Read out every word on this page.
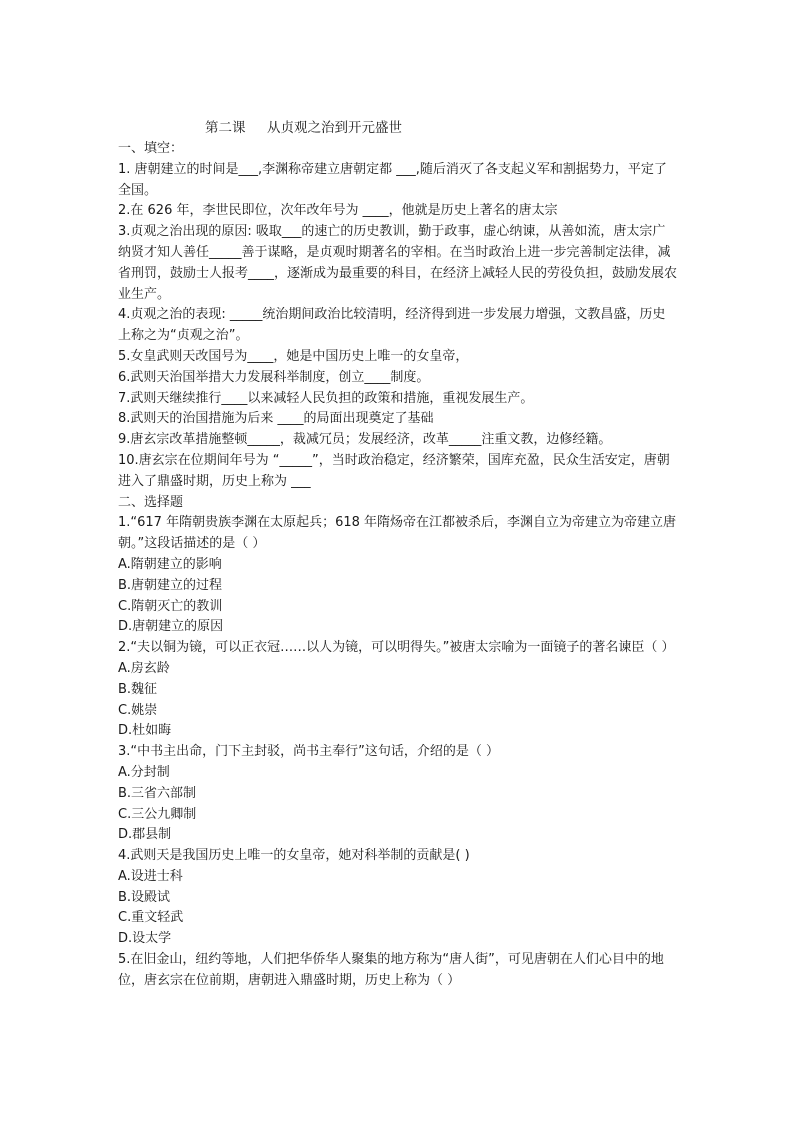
第二课     从贞观之治到开元盛世

一、填空：

1. 唐朝建立的时间是___,李渊称帝建立唐朝定都 ___,随后消灭了各支起义军和割据势力，平定了全国。

2.在 626 年，李世民即位，次年改年号为 ____，他就是历史上著名的唐太宗

3.贞观之治出现的原因: 吸取___的速亡的历史教训，勤于政事，虚心纳谏，从善如流，唐太宗广纳贤才知人善任_____善于谋略，是贞观时期著名的宰相。在当时政治上进一步完善制定法律，减省刑罚，鼓励士人报考____，逐渐成为最重要的科目，在经济上减轻人民的劳役负担，鼓励发展农业生产。

4.贞观之治的表现: _____统治期间政治比较清明，经济得到进一步发展力增强，文教昌盛，历史上称之为“贞观之治”。

5.女皇武则天改国号为____，她是中国历史上唯一的女皇帝，

6.武则天治国举措大力发展科举制度，创立____制度。

7.武则天继续推行____以来减轻人民负担的政策和措施，重视发展生产。

8.武则天的治国措施为后来 ____的局面出现奠定了基础

9.唐玄宗改革措施整顿_____，裁减冗员；发展经济，改革_____注重文教，边修经籍。

10.唐玄宗在位期间年号为 “_____”，当时政治稳定，经济繁荣，国库充盈，民众生活安定，唐朝进入了鼎盛时期，历史上称为 ___

二、选择题

1.“617 年隋朝贵族李渊在太原起兵；618 年隋炀帝在江都被杀后，李渊自立为帝建立为帝建立唐朝。”这段话描述的是（ ）

A.隋朝建立的影响

B.唐朝建立的过程

C.隋朝灭亡的教训

D.唐朝建立的原因

2.“夫以铜为镜，可以正衣冠……以人为镜，可以明得失。”被唐太宗喻为一面镜子的著名谏臣（ ）

A.房玄龄

B.魏征

C.姚崇

D.杜如晦

3.“中书主出命，门下主封驳，尚书主奉行”这句话，介绍的是（ ）

A.分封制

B.三省六部制

C.三公九卿制

D.郡县制

4.武则天是我国历史上唯一的女皇帝，她对科举制的贡献是( )

A.设进士科

B.设殿试

C.重文轻武

D.设太学

5.在旧金山，纽约等地，人们把华侨华人聚集的地方称为“唐人街”，可见唐朝在人们心目中的地位，唐玄宗在位前期，唐朝进入鼎盛时期，历史上称为（ ）
